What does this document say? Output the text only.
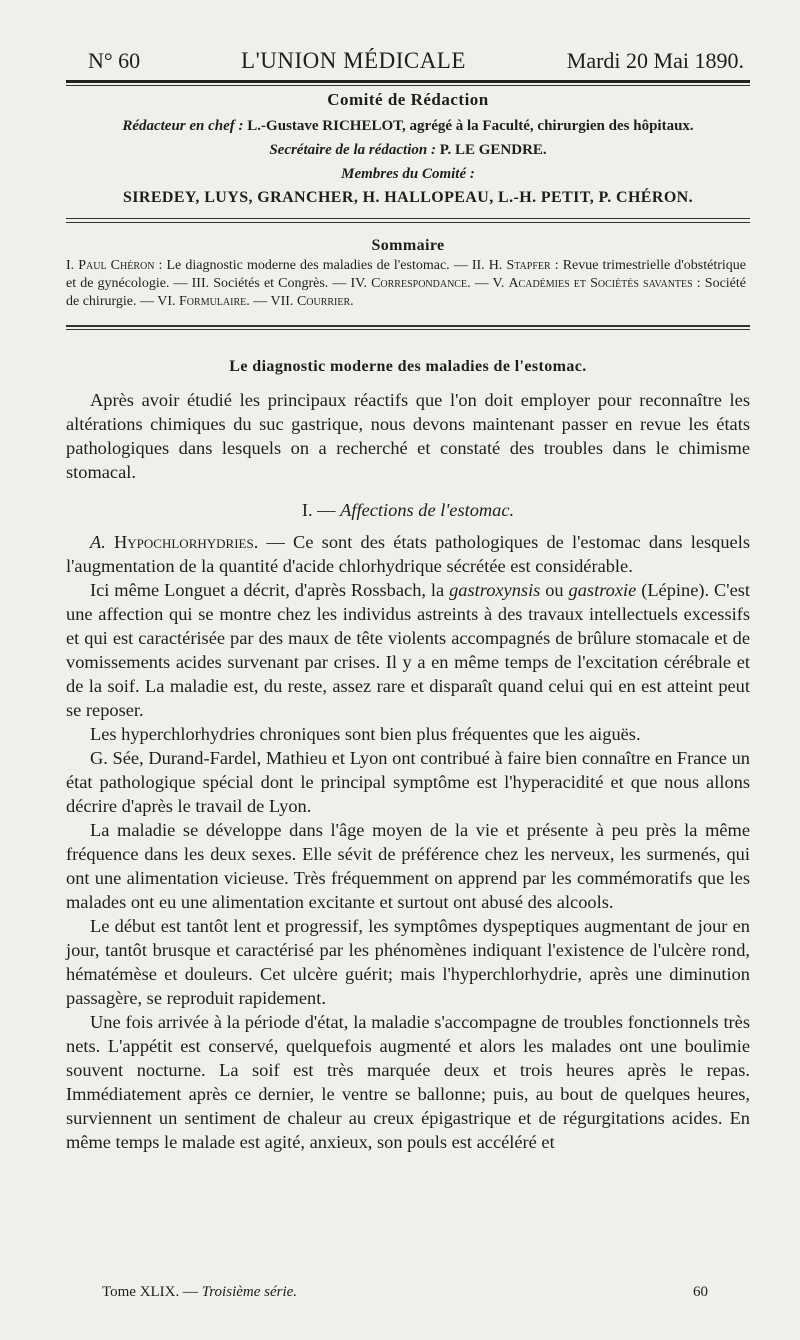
N° 60	L'UNION MÉDICALE	Mardi 20 Mai 1890.
Comité de Rédaction
Rédacteur en chef : L.-Gustave RICHELOT, agrégé à la Faculté, chirurgien des hôpitaux.
Secrétaire de la rédaction : P. LE GENDRE.
Membres du Comité :
SIREDEY, LUYS, GRANCHER, H. HALLOPEAU, L.-H. PETIT, P. CHÉRON.
Sommaire
I. Paul Chéron : Le diagnostic moderne des maladies de l'estomac. — II. H. Stapfer : Revue trimestrielle d'obstétrique et de gynécologie. — III. Sociétés et Congrès. — IV. Correspondance. — V. Académies et Sociétés savantes : Société de chirurgie. — VI. Formulaire. — VII. Courrier.
Le diagnostic moderne des maladies de l'estomac.

Après avoir étudié les principaux réactifs que l'on doit employer pour reconnaître les altérations chimiques du suc gastrique, nous devons maintenant passer en revue les états pathologiques dans lesquels on a recherché et constaté des troubles dans le chimisme stomacal.

I. — Affections de l'estomac.

A. Hypochlorhydries. — Ce sont des états pathologiques de l'estomac dans lesquels l'augmentation de la quantité d'acide chlorhydrique sécrétée est considérable.

Ici même Longuet a décrit, d'après Rossbach, la gastroxynsis ou gastroxie (Lépine). C'est une affection qui se montre chez les individus astreints à des travaux intellectuels excessifs et qui est caractérisée par des maux de tête violents accompagnés de brûlure stomacale et de vomissements acides survenant par crises. Il y a en même temps de l'excitation cérébrale et de la soif. La maladie est, du reste, assez rare et disparaît quand celui qui en est atteint peut se reposer.

Les hyperchlorhydries chroniques sont bien plus fréquentes que les aiguës.

G. Sée, Durand-Fardel, Mathieu et Lyon ont contribué à faire bien connaître en France un état pathologique spécial dont le principal symptôme est l'hyperacidité et que nous allons décrire d'après le travail de Lyon.

La maladie se développe dans l'âge moyen de la vie et présente à peu près la même fréquence dans les deux sexes. Elle sévit de préférence chez les nerveux, les surmenés, qui ont une alimentation vicieuse. Très fréquemment on apprend par les commémoratifs que les malades ont eu une alimentation excitante et surtout ont abusé des alcools.

Le début est tantôt lent et progressif, les symptômes dyspeptiques augmentant de jour en jour, tantôt brusque et caractérisé par les phénomènes indiquant l'existence de l'ulcère rond, hématémèse et douleurs. Cet ulcère guérit; mais l'hyperchlorhydrie, après une diminution passagère, se reproduit rapidement.

Une fois arrivée à la période d'état, la maladie s'accompagne de troubles fonctionnels très nets. L'appétit est conservé, quelquefois augmenté et alors les malades ont une boulimie souvent nocturne. La soif est très marquée deux et trois heures après le repas. Immédiatement après ce dernier, le ventre se ballonne; puis, au bout de quelques heures, surviennent un sentiment de chaleur au creux épigastrique et de régurgitations acides. En même temps le malade est agité, anxieux, son pouls est accéléré et

Tome XLIX. — Troisième série.	60
